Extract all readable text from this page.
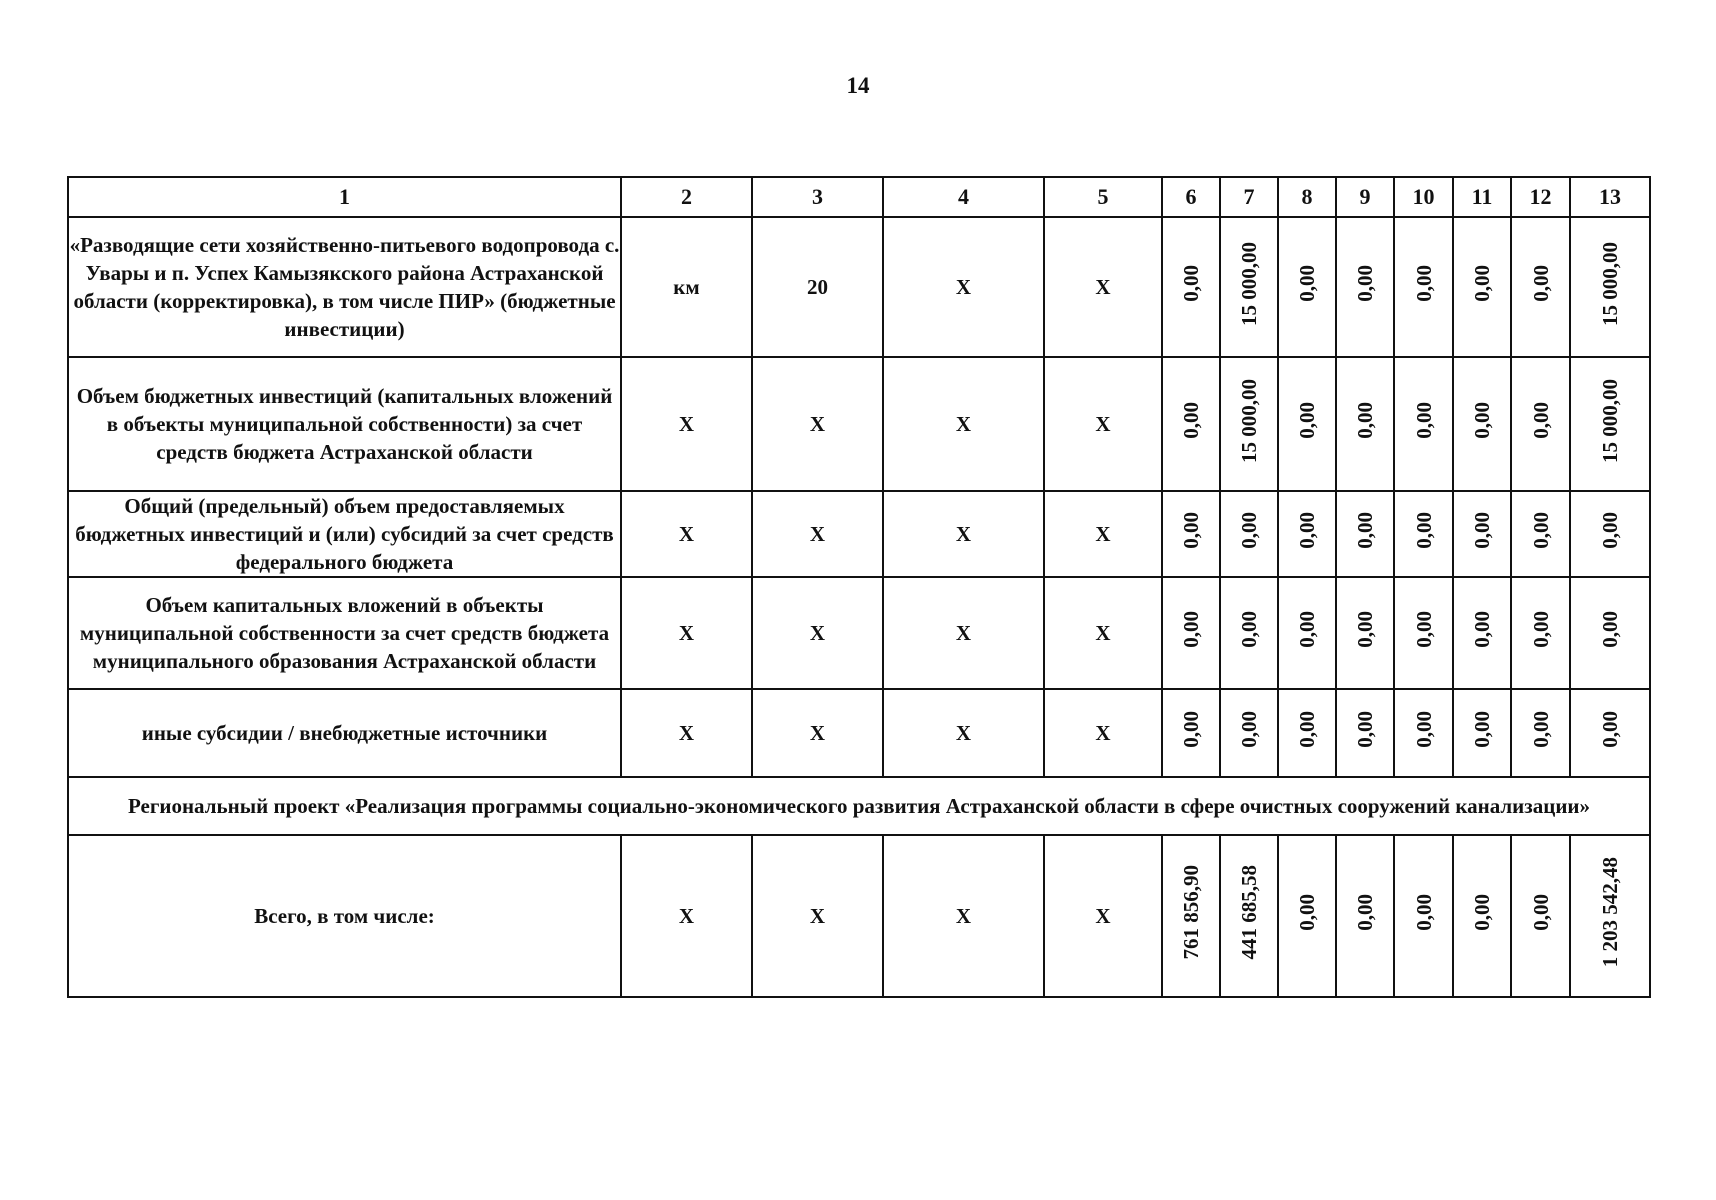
14
1	2	3	4	5	6	7	8	9	10	11	12	13
«Разводящие сети хозяйственно-питьевого водопровода с. Увары и п. Успех Камызякского района Астраханской области (корректировка), в том числе ПИР» (бюджетные инвестиции)	км	20	X	X	0,00	15 000,00	0,00	0,00	0,00	0,00	0,00	15 000,00
Объем бюджетных инвестиций (капитальных вложений в объекты муниципальной собственности) за счет средств бюджета Астраханской области	X	X	X	X	0,00	15 000,00	0,00	0,00	0,00	0,00	0,00	15 000,00
Общий (предельный) объем предоставляемых бюджетных инвестиций и (или) субсидий за счет средств федерального бюджета	X	X	X	X	0,00	0,00	0,00	0,00	0,00	0,00	0,00	0,00
Объем капитальных вложений в объекты муниципальной собственности за счет средств бюджета муниципального образования Астраханской области	X	X	X	X	0,00	0,00	0,00	0,00	0,00	0,00	0,00	0,00
иные субсидии / внебюджетные источники	X	X	X	X	0,00	0,00	0,00	0,00	0,00	0,00	0,00	0,00
Региональный проект «Реализация программы социально-экономического развития Астраханской области в сфере очистных сооружений канализации»												
Всего, в том числе:	X	X	X	X	761 856,90	441 685,58	0,00	0,00	0,00	0,00	0,00	1 203 542,48
